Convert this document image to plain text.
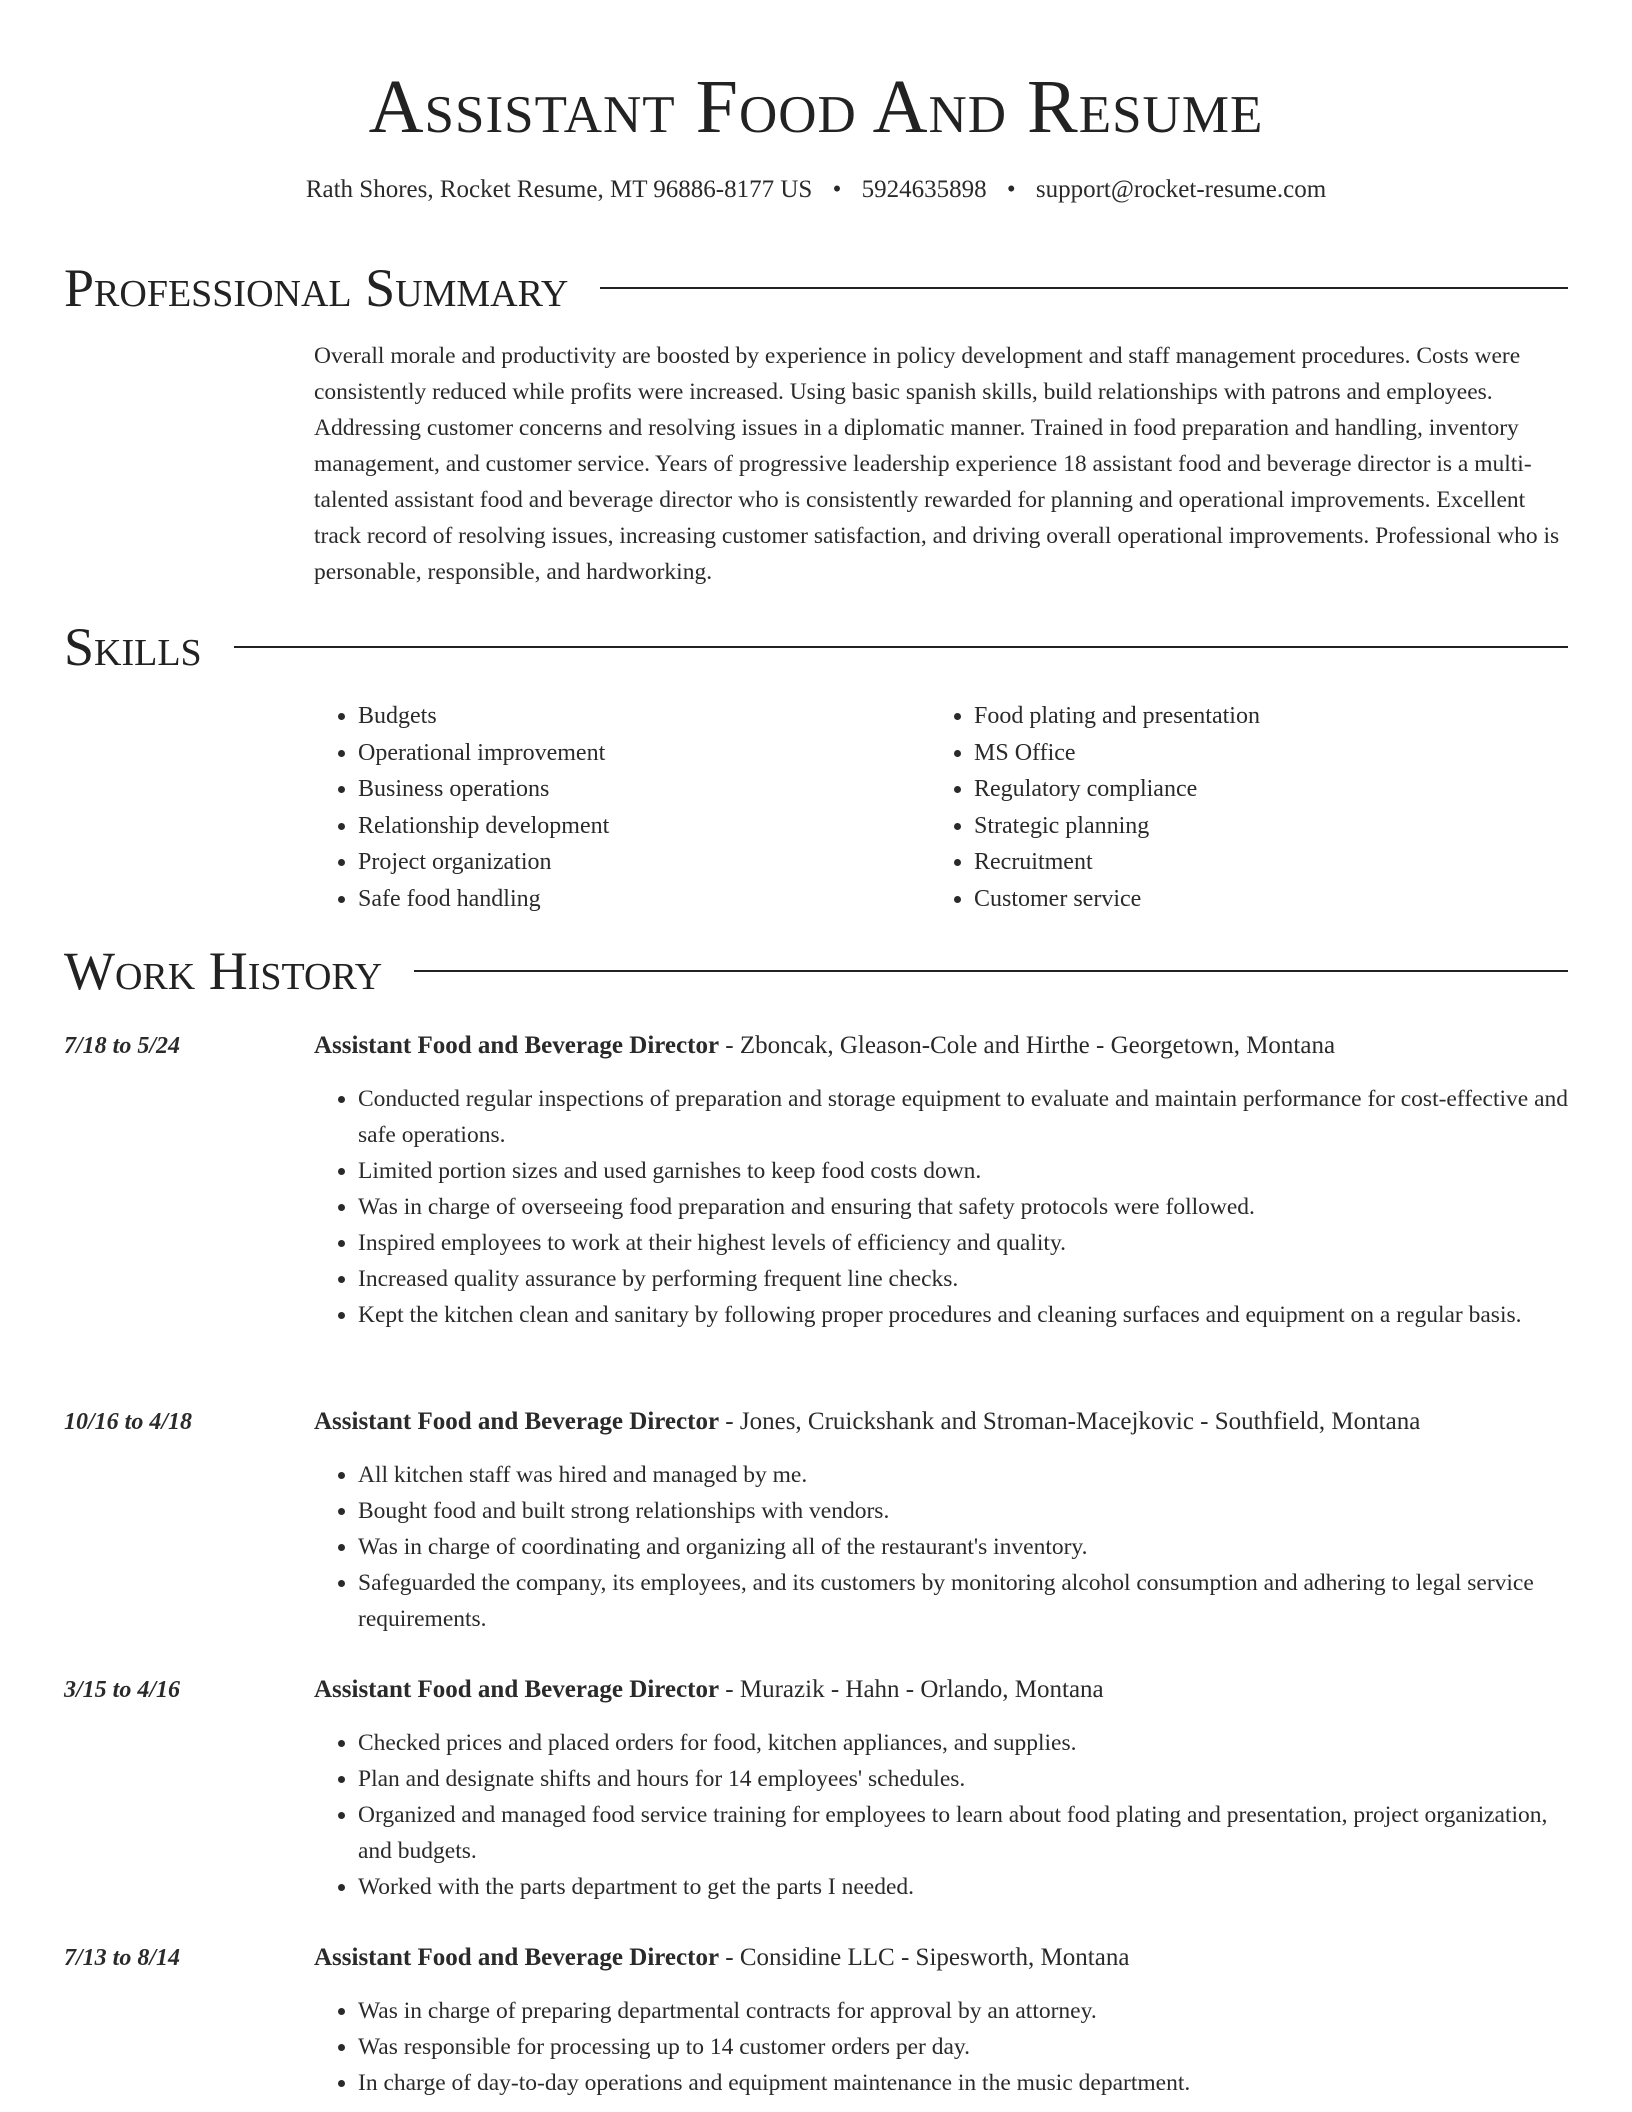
Assistant Food And Resume
Rath Shores, Rocket Resume, MT 96886-8177 US • 5924635898 • support@rocket-resume.com
Professional Summary
Overall morale and productivity are boosted by experience in policy development and staff management procedures. Costs were consistently reduced while profits were increased. Using basic spanish skills, build relationships with patrons and employees. Addressing customer concerns and resolving issues in a diplomatic manner. Trained in food preparation and handling, inventory management, and customer service. Years of progressive leadership experience 18 assistant food and beverage director is a multi-talented assistant food and beverage director who is consistently rewarded for planning and operational improvements. Excellent track record of resolving issues, increasing customer satisfaction, and driving overall operational improvements. Professional who is personable, responsible, and hardworking.
Skills
• Budgets
• Operational improvement
• Business operations
• Relationship development
• Project organization
• Safe food handling
• Food plating and presentation
• MS Office
• Regulatory compliance
• Strategic planning
• Recruitment
• Customer service
Work History
7/18 to 5/24	Assistant Food and Beverage Director - Zboncak, Gleason-Cole and Hirthe - Georgetown, Montana
• Conducted regular inspections of preparation and storage equipment to evaluate and maintain performance for cost-effective and safe operations.
• Limited portion sizes and used garnishes to keep food costs down.
• Was in charge of overseeing food preparation and ensuring that safety protocols were followed.
• Inspired employees to work at their highest levels of efficiency and quality.
• Increased quality assurance by performing frequent line checks.
• Kept the kitchen clean and sanitary by following proper procedures and cleaning surfaces and equipment on a regular basis.
10/16 to 4/18	Assistant Food and Beverage Director - Jones, Cruickshank and Stroman-Macejkovic - Southfield, Montana
• All kitchen staff was hired and managed by me.
• Bought food and built strong relationships with vendors.
• Was in charge of coordinating and organizing all of the restaurant's inventory.
• Safeguarded the company, its employees, and its customers by monitoring alcohol consumption and adhering to legal service requirements.
3/15 to 4/16	Assistant Food and Beverage Director - Murazik - Hahn - Orlando, Montana
• Checked prices and placed orders for food, kitchen appliances, and supplies.
• Plan and designate shifts and hours for 14 employees' schedules.
• Organized and managed food service training for employees to learn about food plating and presentation, project organization, and budgets.
• Worked with the parts department to get the parts I needed.
7/13 to 8/14	Assistant Food and Beverage Director - Considine LLC - Sipesworth, Montana
• Was in charge of preparing departmental contracts for approval by an attorney.
• Was responsible for processing up to 14 customer orders per day.
• In charge of day-to-day operations and equipment maintenance in the music department.
